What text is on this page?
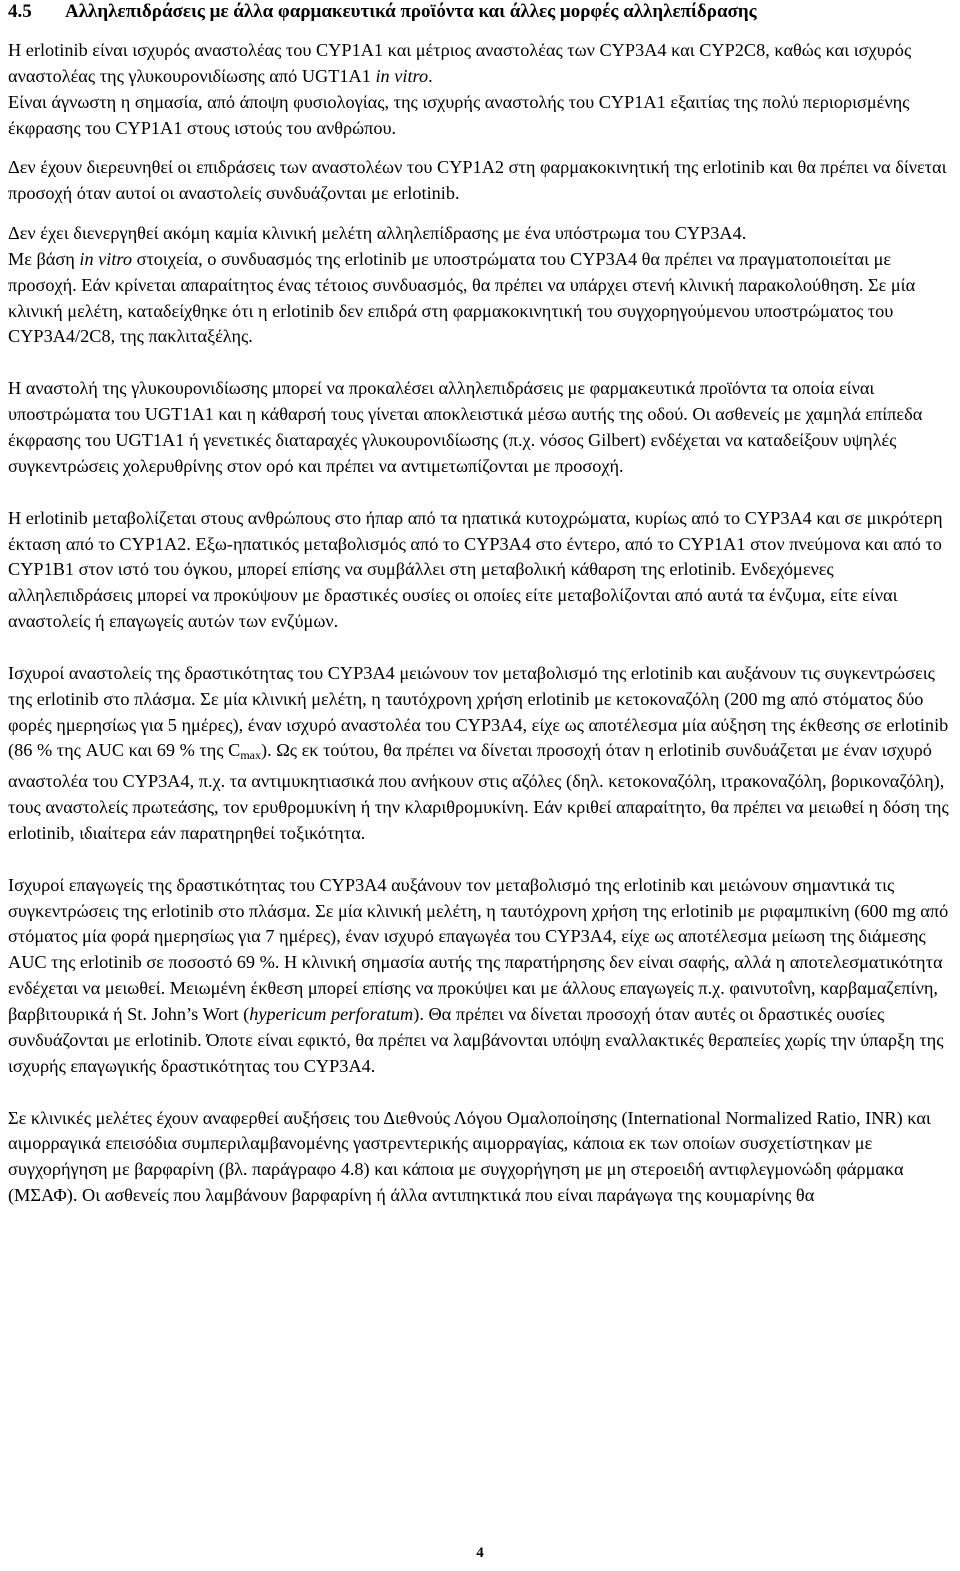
4.5	Αλληλεπιδράσεις με άλλα φαρμακευτικά προϊόντα και άλλες μορφές αλληλεπίδρασης

Η erlotinib είναι ισχυρός αναστολέας του CYP1A1 και μέτριος αναστολέας των CYP3A4 και CYP2C8, καθώς και ισχυρός αναστολέας της γλυκουρονιδίωσης από UGT1A1 in vitro.

Είναι άγνωστη η σημασία, από άποψη φυσιολογίας, της ισχυρής αναστολής του CYP1A1 εξαιτίας της πολύ περιορισμένης έκφρασης του CYP1A1 στους ιστούς του ανθρώπου.

Δεν έχουν διερευνηθεί οι επιδράσεις των αναστολέων του CYP1A2 στη φαρμακοκινητική της erlotinib και θα πρέπει να δίνεται προσοχή όταν αυτοί οι αναστολείς συνδυάζονται με erlotinib.

Δεν έχει διενεργηθεί ακόμη καμία κλινική μελέτη αλληλεπίδρασης με ένα υπόστρωμα του CYP3A4.

Με βάση in vitro στοιχεία, ο συνδυασμός της erlotinib με υποστρώματα του CYP3A4 θα πρέπει να πραγματοποιείται με προσοχή. Εάν κρίνεται απαραίτητος ένας τέτοιος συνδυασμός, θα πρέπει να υπάρχει στενή κλινική παρακολούθηση. Σε μία κλινική μελέτη, καταδείχθηκε ότι η erlotinib δεν επιδρά στη φαρμακοκινητική του συγχορηγούμενου υποστρώματος του CYP3A4/2C8, της πακλιταξέλης.

Η αναστολή της γλυκουρονιδίωσης μπορεί να προκαλέσει αλληλεπιδράσεις με φαρμακευτικά προϊόντα τα οποία είναι υποστρώματα του UGT1A1 και η κάθαρσή τους γίνεται αποκλειστικά μέσω αυτής της οδού. Οι ασθενείς με χαμηλά επίπεδα έκφρασης του UGT1A1 ή γενετικές διαταραχές γλυκουρονιδίωσης (π.χ. νόσος Gilbert) ενδέχεται να καταδείξουν υψηλές συγκεντρώσεις χολερυθρίνης στον ορό και πρέπει να αντιμετωπίζονται με προσοχή.

Η erlotinib μεταβολίζεται στους ανθρώπους στο ήπαρ από τα ηπατικά κυτοχρώματα, κυρίως από το CYP3A4 και σε μικρότερη έκταση από το CYP1A2. Εξω-ηπατικός μεταβολισμός από το CYP3A4 στο έντερο, από το CYP1A1 στον πνεύμονα και από το CYP1B1 στον ιστό του όγκου, μπορεί επίσης να συμβάλλει στη μεταβολική κάθαρση της erlotinib. Ενδεχόμενες αλληλεπιδράσεις μπορεί να προκύψουν με δραστικές ουσίες οι οποίες είτε μεταβολίζονται από αυτά τα ένζυμα, είτε είναι αναστολείς ή επαγωγείς αυτών των ενζύμων.

Ισχυροί αναστολείς της δραστικότητας του CYP3A4 μειώνουν τον μεταβολισμό της erlotinib και αυξάνουν τις συγκεντρώσεις της erlotinib στο πλάσμα. Σε μία κλινική μελέτη, η ταυτόχρονη χρήση erlotinib με κετοκοναζόλη (200 mg από στόματος δύο φορές ημερησίως για 5 ημέρες), έναν ισχυρό αναστολέα του CYP3A4, είχε ως αποτέλεσμα μία αύξηση της έκθεσης σε erlotinib (86 % της AUC και 69 % της $C_{max}$). Ως εκ τούτου, θα πρέπει να δίνεται προσοχή όταν η erlotinib συνδυάζεται με έναν ισχυρό αναστολέα του CYP3A4, π.χ. τα αντιμυκητιασικά που ανήκουν στις αζόλες (δηλ. κετοκοναζόλη, ιτρακοναζόλη, βορικοναζόλη), τους αναστολείς πρωτεάσης, τον ερυθρομυκίνη ή την κλαριθρομυκίνη. Εάν κριθεί απαραίτητο, θα πρέπει να μειωθεί η δόση της erlotinib, ιδιαίτερα εάν παρατηρηθεί τοξικότητα.

Ισχυροί επαγωγείς της δραστικότητας του CYP3A4 αυξάνουν τον μεταβολισμό της erlotinib και μειώνουν σημαντικά τις συγκεντρώσεις της erlotinib στο πλάσμα. Σε μία κλινική μελέτη, η ταυτόχρονη χρήση της erlotinib με ριφαμπικίνη (600 mg από στόματος μία φορά ημερησίως για 7 ημέρες), έναν ισχυρό επαγωγέα του CYP3A4, είχε ως αποτέλεσμα μείωση της διάμεσης AUC της erlotinib σε ποσοστό 69 %. Η κλινική σημασία αυτής της παρατήρησης δεν είναι σαφής, αλλά η αποτελεσματικότητα ενδέχεται να μειωθεί. Μειωμένη έκθεση μπορεί επίσης να προκύψει και με άλλους επαγωγείς π.χ. φαινυτοΐνη, καρβαμαζεπίνη, βαρβιτουρικά ή St. John’s Wort (hypericum perforatum). Θα πρέπει να δίνεται προσοχή όταν αυτές οι δραστικές ουσίες συνδυάζονται με erlotinib. Όποτε είναι εφικτό, θα πρέπει να λαμβάνονται υπόψη εναλλακτικές θεραπείες χωρίς την ύπαρξη της ισχυρής επαγωγικής δραστικότητας του CYP3A4.

Σε κλινικές μελέτες έχουν αναφερθεί αυξήσεις του Διεθνούς Λόγου Ομαλοποίησης (International Normalized Ratio, INR) και αιμορραγικά επεισόδια συμπεριλαμβανομένης γαστρεντερικής αιμορραγίας, κάποια εκ των οποίων συσχετίστηκαν με συγχορήγηση με βαρφαρίνη (βλ. παράγραφο 4.8) και κάποια με συγχορήγηση με μη στεροειδή αντιφλεγμονώδη φάρμακα (ΜΣΑΦ). Οι ασθενείς που λαμβάνουν βαρφαρίνη ή άλλα αντιπηκτικά που είναι παράγωγα της κουμαρίνης θα

4
